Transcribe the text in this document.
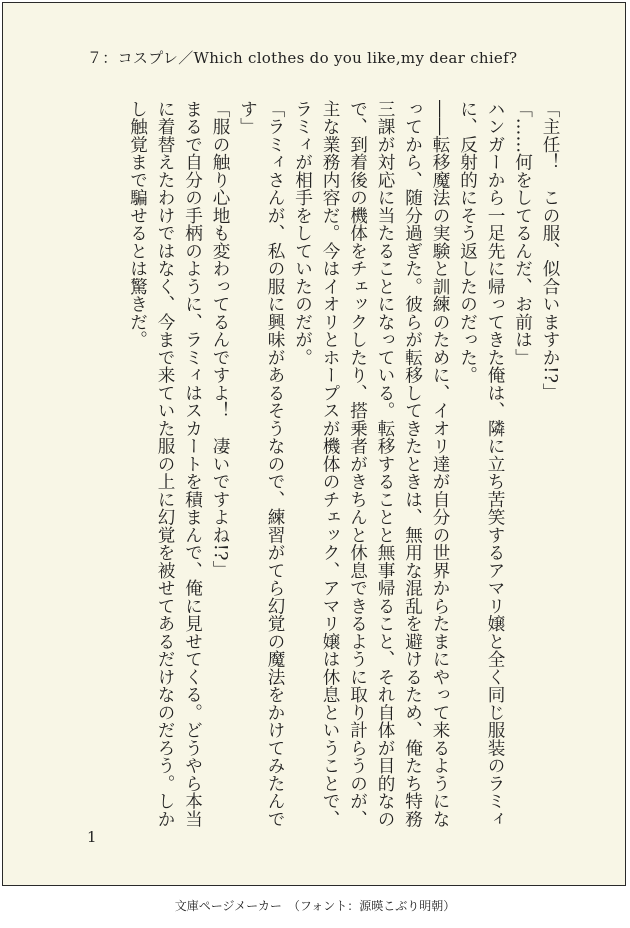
７：コスプレ／Which clothes do you like,my dear chief?

「主任！　この服、似合いますか!?」

「……何をしてるんだ、お前は」

ハンガーから一足先に帰ってきた俺は、隣に立ち苦笑するアマリ嬢と全く同じ服装のラミィに、反射的にそう返したのだった。

――転移魔法の実験と訓練のために、イオリ達が自分の世界からたまにやって来るようになってから、随分過ぎた。彼らが転移してきたときは、無用な混乱を避けるため、俺たち特務三課が対応に当たることになっている。転移することと無事帰ること、それ自体が目的なので、到着後の機体をチェックしたり、搭乗者がきちんと休息できるように取り計らうのが、主な業務内容だ。今はイオリとホープスが機体のチェック、アマリ嬢は休息ということで、ラミィが相手をしていたのだが。

「ラミィさんが、私の服に興味があるそうなので、練習がてら幻覚の魔法をかけてみたんです」

「服の触り心地も変わってるんですよ！　凄いですよね!?」

まるで自分の手柄のように、ラミィはスカートを積まんで、俺に見せてくる。どうやら本当に着替えたわけではなく、今まで来ていた服の上に幻覚を被せてあるだけなのだろう。しかし触覚まで騙せるとは驚きだ。

1
文庫ページメーカー　（フォント：源暎こぶり明朝）
